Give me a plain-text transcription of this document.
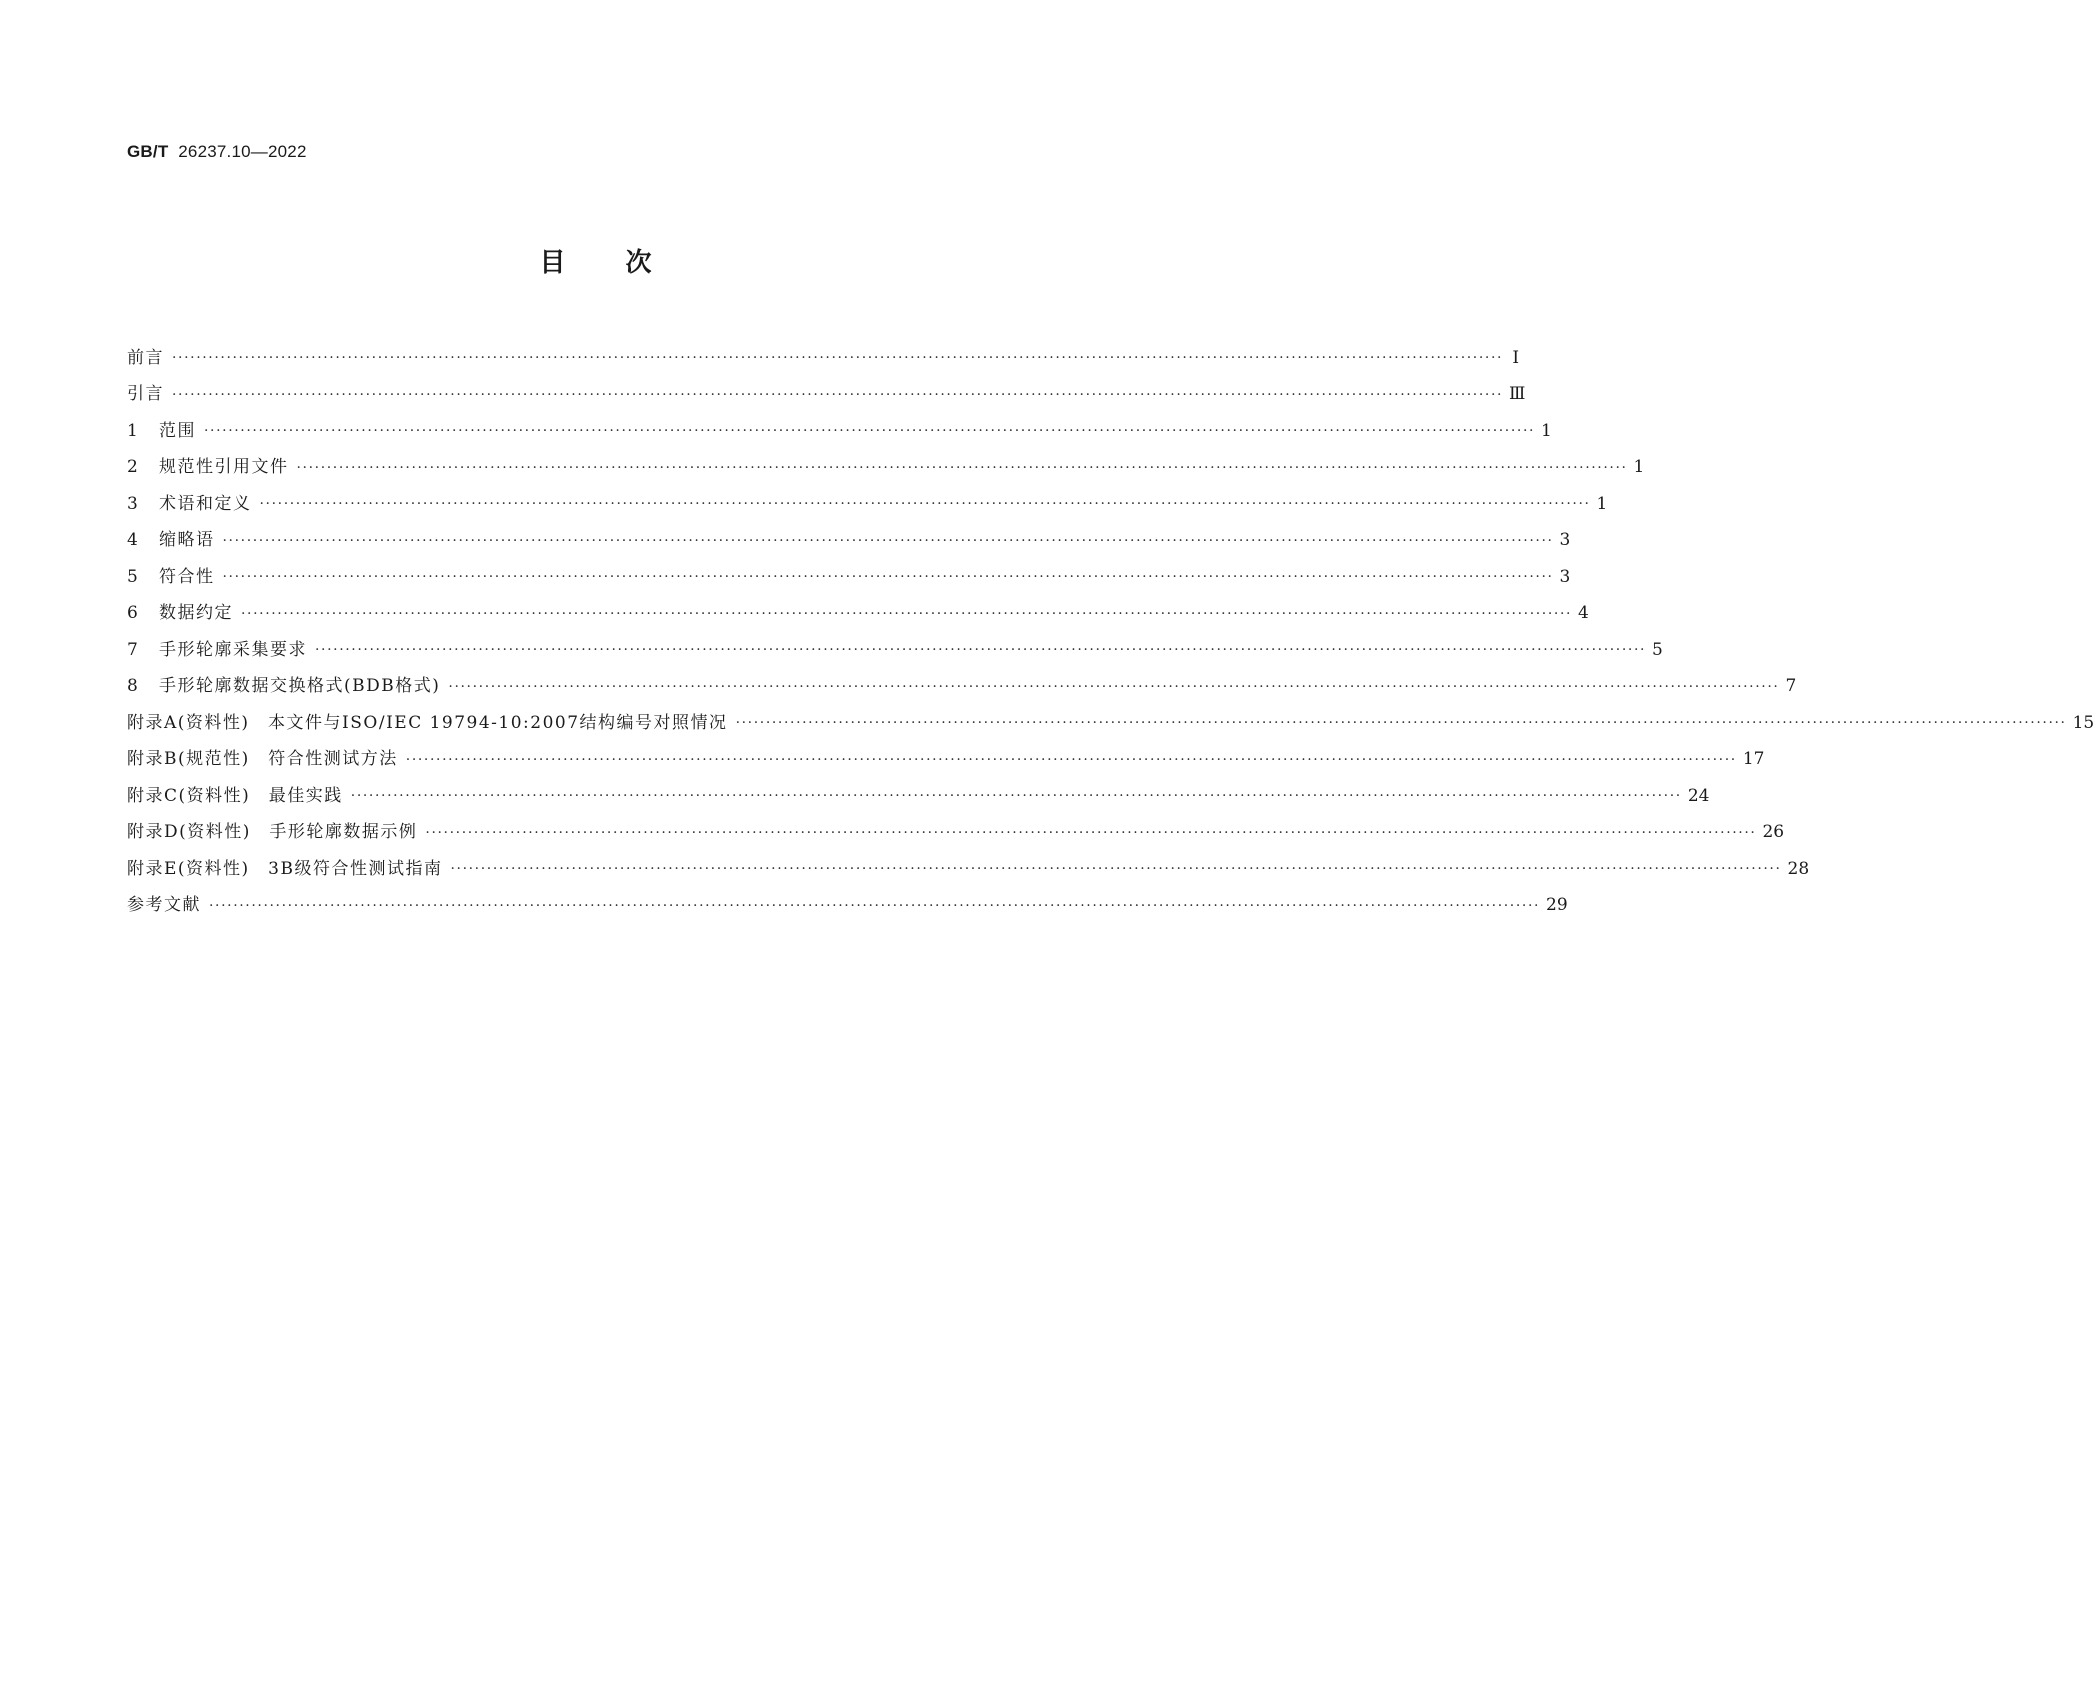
GB/T 26237.10—2022
目次
前言 ···························································································································································································································· Ⅰ
引言 ···························································································································································································································· Ⅲ
1	范围 ···························································································································································································································· 1
2	规范性引用文件 ···························································································································································································································· 1
3	术语和定义 ···························································································································································································································· 1
4	缩略语 ···························································································································································································································· 3
5	符合性 ···························································································································································································································· 3
6	数据约定 ···························································································································································································································· 4
7	手形轮廓采集要求 ···························································································································································································································· 5
8	手形轮廓数据交换格式(BDB格式) ···························································································································································································································· 7
附录A(资料性)　本文件与ISO/IEC 19794-10:2007结构编号对照情况 ···························································································································································································································· 15
附录B(规范性)　符合性测试方法 ···························································································································································································································· 17
附录C(资料性)　最佳实践 ···························································································································································································································· 24
附录D(资料性)　手形轮廓数据示例 ···························································································································································································································· 26
附录E(资料性)　3B级符合性测试指南 ···························································································································································································································· 28
参考文献 ···························································································································································································································· 29
